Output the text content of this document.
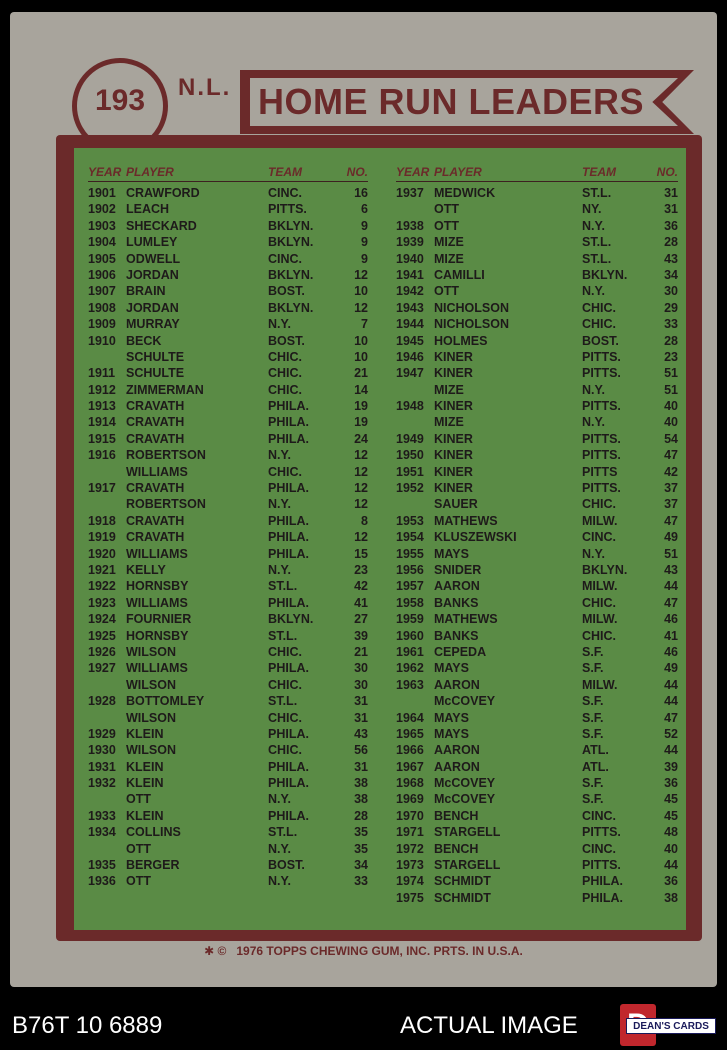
HOME RUN LEADERS
N.L.
193
YEAR PLAYER	TEAM	NO.
1901 CRAWFORD	CINC.	16
1902 LEACH	PITTS.	6
1903 SHECKARD	BKLYN.	9
1904 LUMLEY	BKLYN.	9
1905 ODWELL	CINC.	9
1906 JORDAN	BKLYN.	12
1907 BRAIN	BOST.	10
1908 JORDAN	BKLYN.	12
1909 MURRAY	N.Y.	7
1910 BECK	BOST.	10
SCHULTE	CHIC.	10
1911 SCHULTE	CHIC.	21
1912 ZIMMERMAN	CHIC.	14
1913 CRAVATH	PHILA.	19
1914 CRAVATH	PHILA.	19
1915 CRAVATH	PHILA.	24
1916 ROBERTSON	N.Y.	12
WILLIAMS	CHIC.	12
1917 CRAVATH	PHILA.	12
ROBERTSON	N.Y.	12
1918 CRAVATH	PHILA.	8
1919 CRAVATH	PHILA.	12
1920 WILLIAMS	PHILA.	15
1921 KELLY	N.Y.	23
1922 HORNSBY	ST.L.	42
1923 WILLIAMS	PHILA.	41
1924 FOURNIER	BKLYN.	27
1925 HORNSBY	ST.L.	39
1926 WILSON	CHIC.	21
1927 WILLIAMS	PHILA.	30
WILSON	CHIC.	30
1928 BOTTOMLEY	ST.L.	31
WILSON	CHIC.	31
1929 KLEIN	PHILA.	43
1930 WILSON	CHIC.	56
1931 KLEIN	PHILA.	31
1932 KLEIN	PHILA.	38
OTT	N.Y.	38
1933 KLEIN	PHILA.	28
1934 COLLINS	ST.L.	35
OTT	N.Y.	35
1935 BERGER	BOST.	34
1936 OTT	N.Y.	33
YEAR PLAYER	TEAM	NO.
1937 MEDWICK	ST.L.	31
OTT	NY.	31
1938 OTT	N.Y.	36
1939 MIZE	ST.L.	28
1940 MIZE	ST.L.	43
1941 CAMILLI	BKLYN.	34
1942 OTT	N.Y.	30
1943 NICHOLSON	CHIC.	29
1944 NICHOLSON	CHIC.	33
1945 HOLMES	BOST.	28
1946 KINER	PITTS.	23
1947 KINER	PITTS.	51
MIZE	N.Y.	51
1948 KINER	PITTS.	40
MIZE	N.Y.	40
1949 KINER	PITTS.	54
1950 KINER	PITTS.	47
1951 KINER	PITTS	42
1952 KINER	PITTS.	37
SAUER	CHIC.	37
1953 MATHEWS	MILW.	47
1954 KLUSZEWSKI	CINC.	49
1955 MAYS	N.Y.	51
1956 SNIDER	BKLYN.	43
1957 AARON	MILW.	44
1958 BANKS	CHIC.	47
1959 MATHEWS	MILW.	46
1960 BANKS	CHIC.	41
1961 CEPEDA	S.F.	46
1962 MAYS	S.F.	49
1963 AARON	MILW.	44
McCOVEY	S.F.	44
1964 MAYS	S.F.	47
1965 MAYS	S.F.	52
1966 AARON	ATL.	44
1967 AARON	ATL.	39
1968 McCOVEY	S.F.	36
1969 McCOVEY	S.F.	45
1970 BENCH	CINC.	45
1971 STARGELL	PITTS.	48
1972 BENCH	CINC.	40
1973 STARGELL	PITTS.	44
1974 SCHMIDT	PHILA.	36
1975 SCHMIDT	PHILA.	38
✱ © 1976 TOPPS CHEWING GUM, INC. PRTS. IN U.S.A.
B76T 10 6889	ACTUAL IMAGE	DEAN'S CARDS
